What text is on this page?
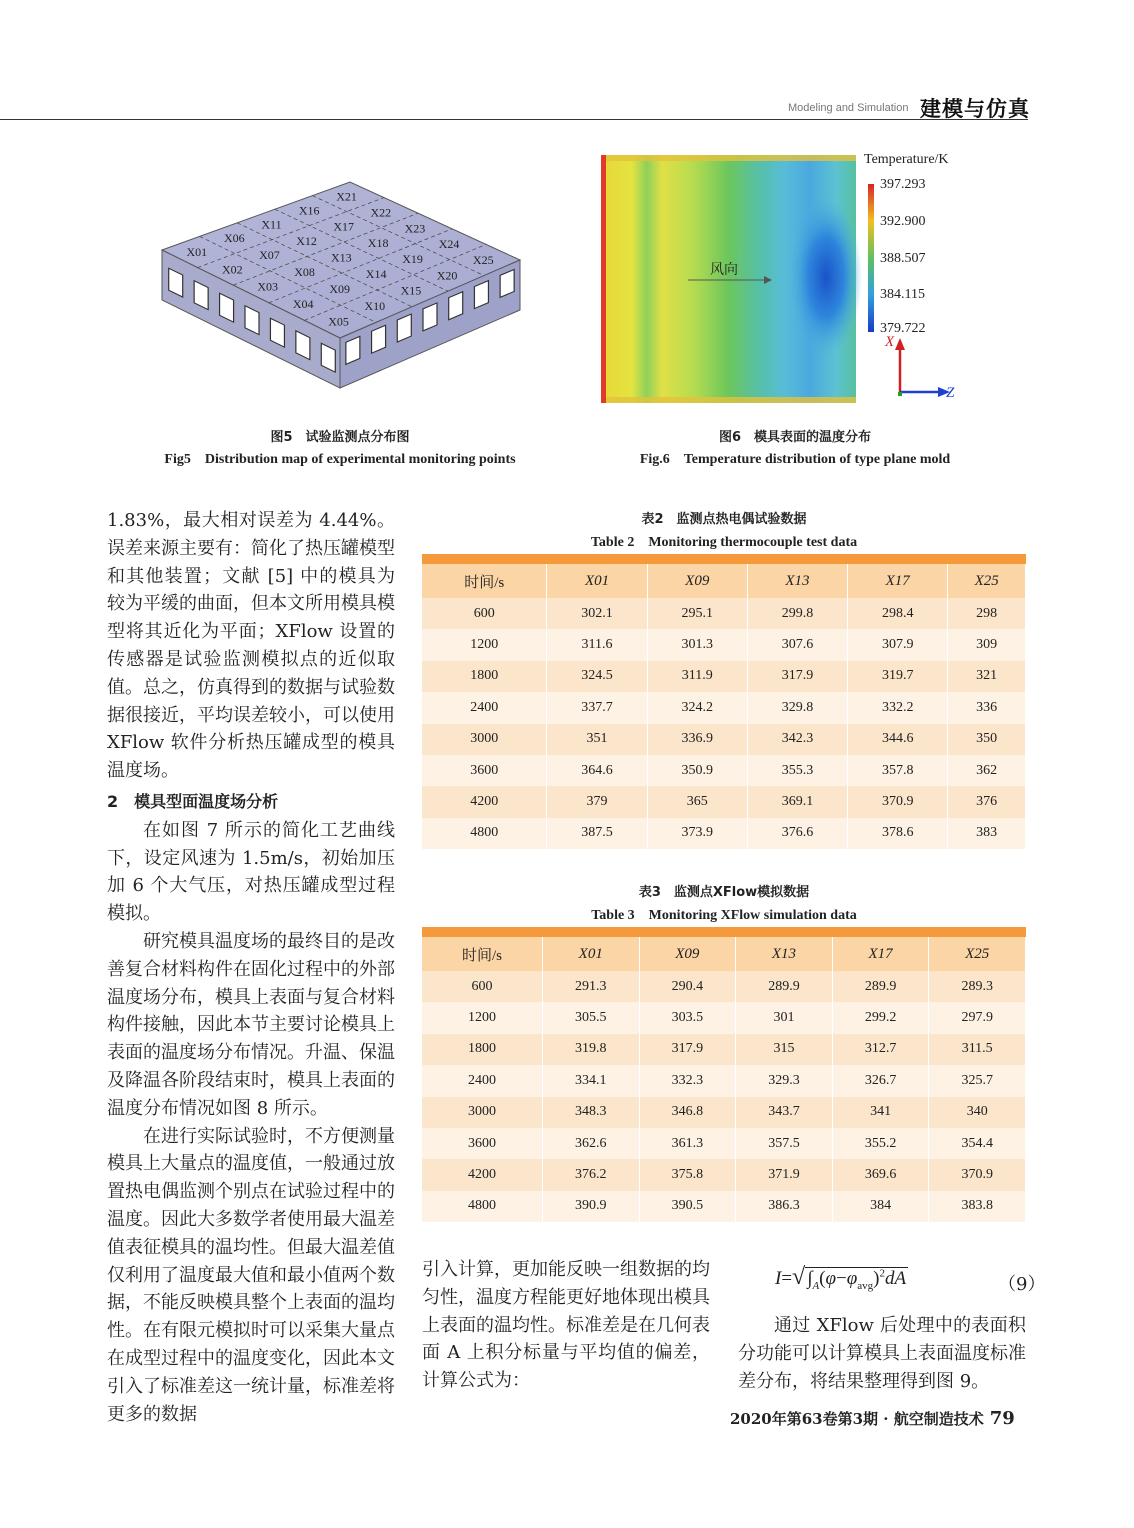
Modeling and Simulation 建模与仿真
X01
X02
X03
X04
X05
X06
X07
X08
X09
X10
X11
X12
X13
X14
X15
X16
X17
X18
X19
X20
X21
X22
X23
X24
X25
图5　试验监测点分布图
Fig5　Distribution map of experimental monitoring points
Temperature/K
397.293
392.900
388.507
384.115
379.722
风向
X
Z
图6　模具表面的温度分布
Fig.6　Temperature distribution of type plane mold

1.83%，最大相对误差为 4.44%。误差来源主要有：简化了热压罐模型和其他装置；文献 [5] 中的模具为较为平缓的曲面，但本文所用模具模型将其近化为平面；XFlow 设置的传感器是试验监测模拟点的近似取值。总之，仿真得到的数据与试验数据很接近，平均误差较小，可以使用 XFlow 软件分析热压罐成型的模具温度场。

2　模具型面温度场分析

在如图 7 所示的简化工艺曲线下，设定风速为 1.5m/s，初始加压加 6 个大气压，对热压罐成型过程模拟。

研究模具温度场的最终目的是改善复合材料构件在固化过程中的外部温度场分布，模具上表面与复合材料构件接触，因此本节主要讨论模具上表面的温度场分布情况。升温、保温及降温各阶段结束时，模具上表面的温度分布情况如图 8 所示。

在进行实际试验时，不方便测量模具上大量点的温度值，一般通过放置热电偶监测个别点在试验过程中的温度。因此大多数学者使用最大温差值表征模具的温均性。但最大温差值仅利用了温度最大值和最小值两个数据，不能反映模具整个上表面的温均性。在有限元模拟时可以采集大量点在成型过程中的温度变化，因此本文引入了标准差这一统计量，标准差将更多的数据

表2　监测点热电偶试验数据
Table 2　Monitoring thermocouple test data
时间/s	X01	X09	X13	X17	X25
600	302.1	295.1	299.8	298.4	298
1200	311.6	301.3	307.6	307.9	309
1800	324.5	311.9	317.9	319.7	321
2400	337.7	324.2	329.8	332.2	336
3000	351	336.9	342.3	344.6	350
3600	364.6	350.9	355.3	357.8	362
4200	379	365	369.1	370.9	376
4800	387.5	373.9	376.6	378.6	383
表3　监测点XFlow模拟数据
Table 3　Monitoring XFlow simulation data
时间/s	X01	X09	X13	X17	X25
600	291.3	290.4	289.9	289.9	289.3
1200	305.5	303.5	301	299.2	297.9
1800	319.8	317.9	315	312.7	311.5
2400	334.1	332.3	329.3	326.7	325.7
3000	348.3	346.8	343.7	341	340
3600	362.6	361.3	357.5	355.2	354.4
4200	376.2	375.8	371.9	369.6	370.9
4800	390.9	390.5	386.3	384	383.8
引入计算，更加能反映一组数据的均匀性，温度方程能更好地体现出模具上表面的温均性。标准差是在几何表面 A 上积分标量与平均值的偏差，计算公式为：
I=√ $\int_A(\varphi-\varphi_{avg})^2dA$	（9）
通过 XFlow 后处理中的表面积分功能可以计算模具上表面温度标准差分布，将结果整理得到图 9。
2020年第63卷第3期 · 航空制造技术 79
